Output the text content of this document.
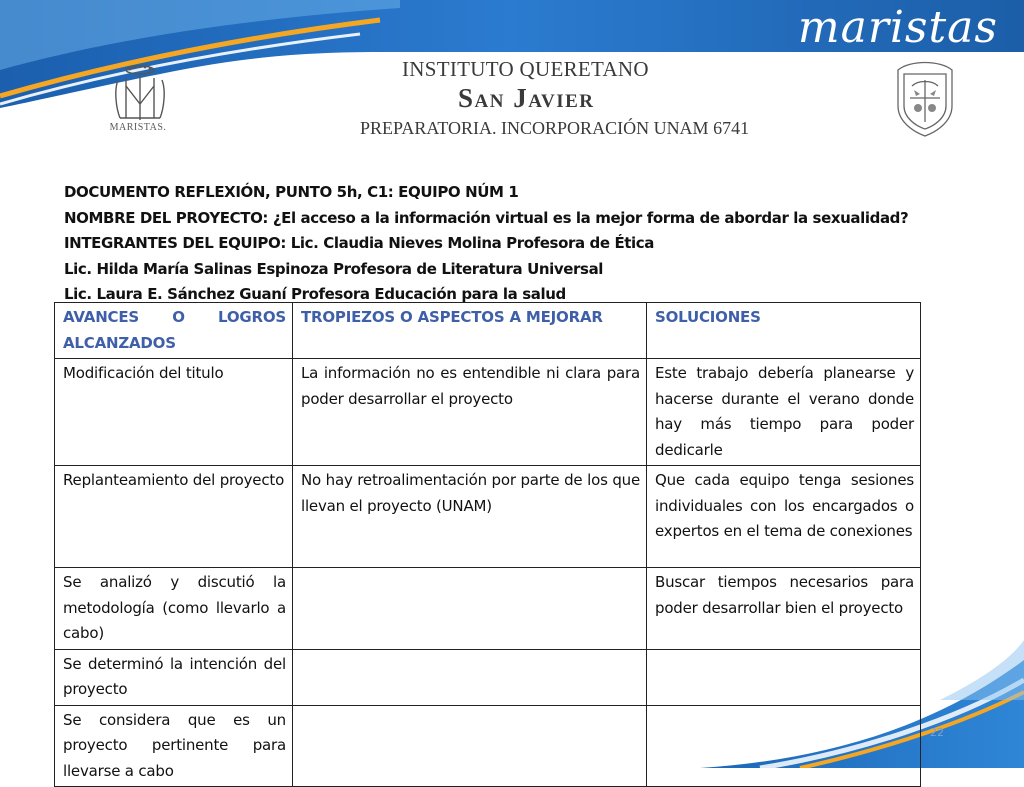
maristas
MARISTAS.
INSTITUTO QUERETANO
San Javier
PREPARATORIA. INCORPORACIÓN UNAM 6741
DOCUMENTO REFLEXIÓN, PUNTO 5h, C1: EQUIPO NÚM 1
NOMBRE DEL PROYECTO: ¿El acceso a la información virtual es la mejor forma de abordar la sexualidad?
INTEGRANTES DEL EQUIPO: Lic. Claudia Nieves Molina Profesora de Ética
Lic. Hilda María Salinas Espinoza Profesora de Literatura Universal
Lic. Laura E. Sánchez Guaní Profesora Educación para la salud
AVANCES O LOGROS ALCANZADOS	TROPIEZOS O ASPECTOS A MEJORAR	SOLUCIONES
Modificación del titulo	La información no es entendible ni clara para poder desarrollar el proyecto	Este trabajo debería planearse y hacerse durante el verano donde hay más tiempo para poder dedicarle
Replanteamiento del proyecto	No hay retroalimentación por parte de los que llevan el proyecto (UNAM)	Que cada equipo tenga sesiones individuales con los encargados o expertos en el tema de conexiones
Se analizó y discutió la metodología (como llevarlo a cabo)		Buscar tiempos necesarios para poder desarrollar bien el proyecto
Se determinó la intención del proyecto		
Se considera que es un proyecto pertinente para llevarse a cabo		
22
